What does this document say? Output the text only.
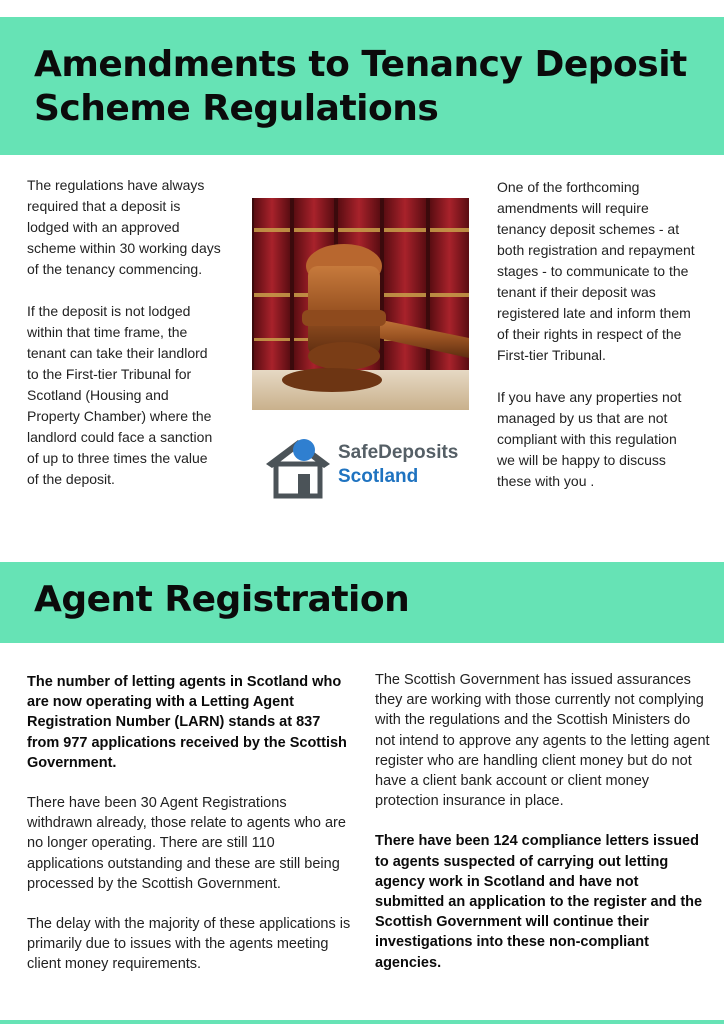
Amendments to Tenancy Deposit
Scheme Regulations

The regulations have always required that a deposit is lodged with an approved scheme within 30 working days of the tenancy commencing.

If the deposit is not lodged within that time frame, the tenant can take their landlord to the First-tier Tribunal for Scotland (Housing and Property Chamber) where the landlord could face a sanction of up to three times the value of the deposit.

SafeDeposits
Scotland

One of the forthcoming amendments will require tenancy deposit schemes - at both registration and repayment stages - to communicate to the tenant if their deposit was registered late and inform them of their rights in respect of the First-tier Tribunal.

If you have any properties not managed by us that are not compliant with this regulation we will be happy to discuss these with you .

Agent Registration

The number of letting agents in Scotland who are now operating with a Letting Agent Registration Number (LARN) stands at 837 from 977 applications received by the Scottish Government.

There have been 30 Agent Registrations withdrawn already, those relate to agents who are no longer operating. There are still 110 applications outstanding and these are still being processed by the Scottish Government.

The delay with the majority of these applications is primarily due to issues with the agents meeting client money requirements.

The Scottish Government has issued assurances they are working with those currently not complying with the regulations and the Scottish Ministers do not intend to approve any agents to the letting agent register who are handling client money but do not have a client bank account or client money protection insurance in place.

There have been 124 compliance letters issued to agents suspected of carrying out letting agency work in Scotland and have not submitted an application to the register and the Scottish Government will continue their investigations into these non-compliant agencies.
